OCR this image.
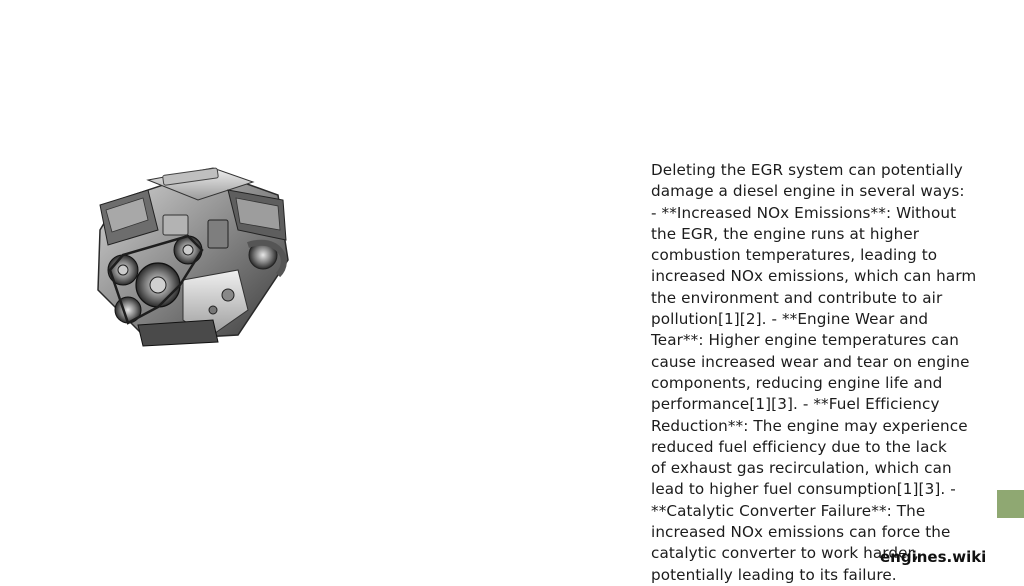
Deleting the EGR system can potentially

damage a diesel engine in several ways:

- **Increased NOx Emissions**: Without

the EGR, the engine runs at higher

combustion temperatures, leading to

increased NOx emissions, which can harm

the environment and contribute to air

pollution[1][2]. - **Engine Wear and

Tear**: Higher engine temperatures can

cause increased wear and tear on engine

components, reducing engine life and

performance[1][3]. - **Fuel Efficiency

Reduction**: The engine may experience

reduced fuel efficiency due to the lack

of exhaust gas recirculation, which can

lead to higher fuel consumption[1][3]. -

**Catalytic Converter Failure**: The

increased NOx emissions can force the

catalytic converter to work harder,

potentially leading to its failure.

engines.wiki
